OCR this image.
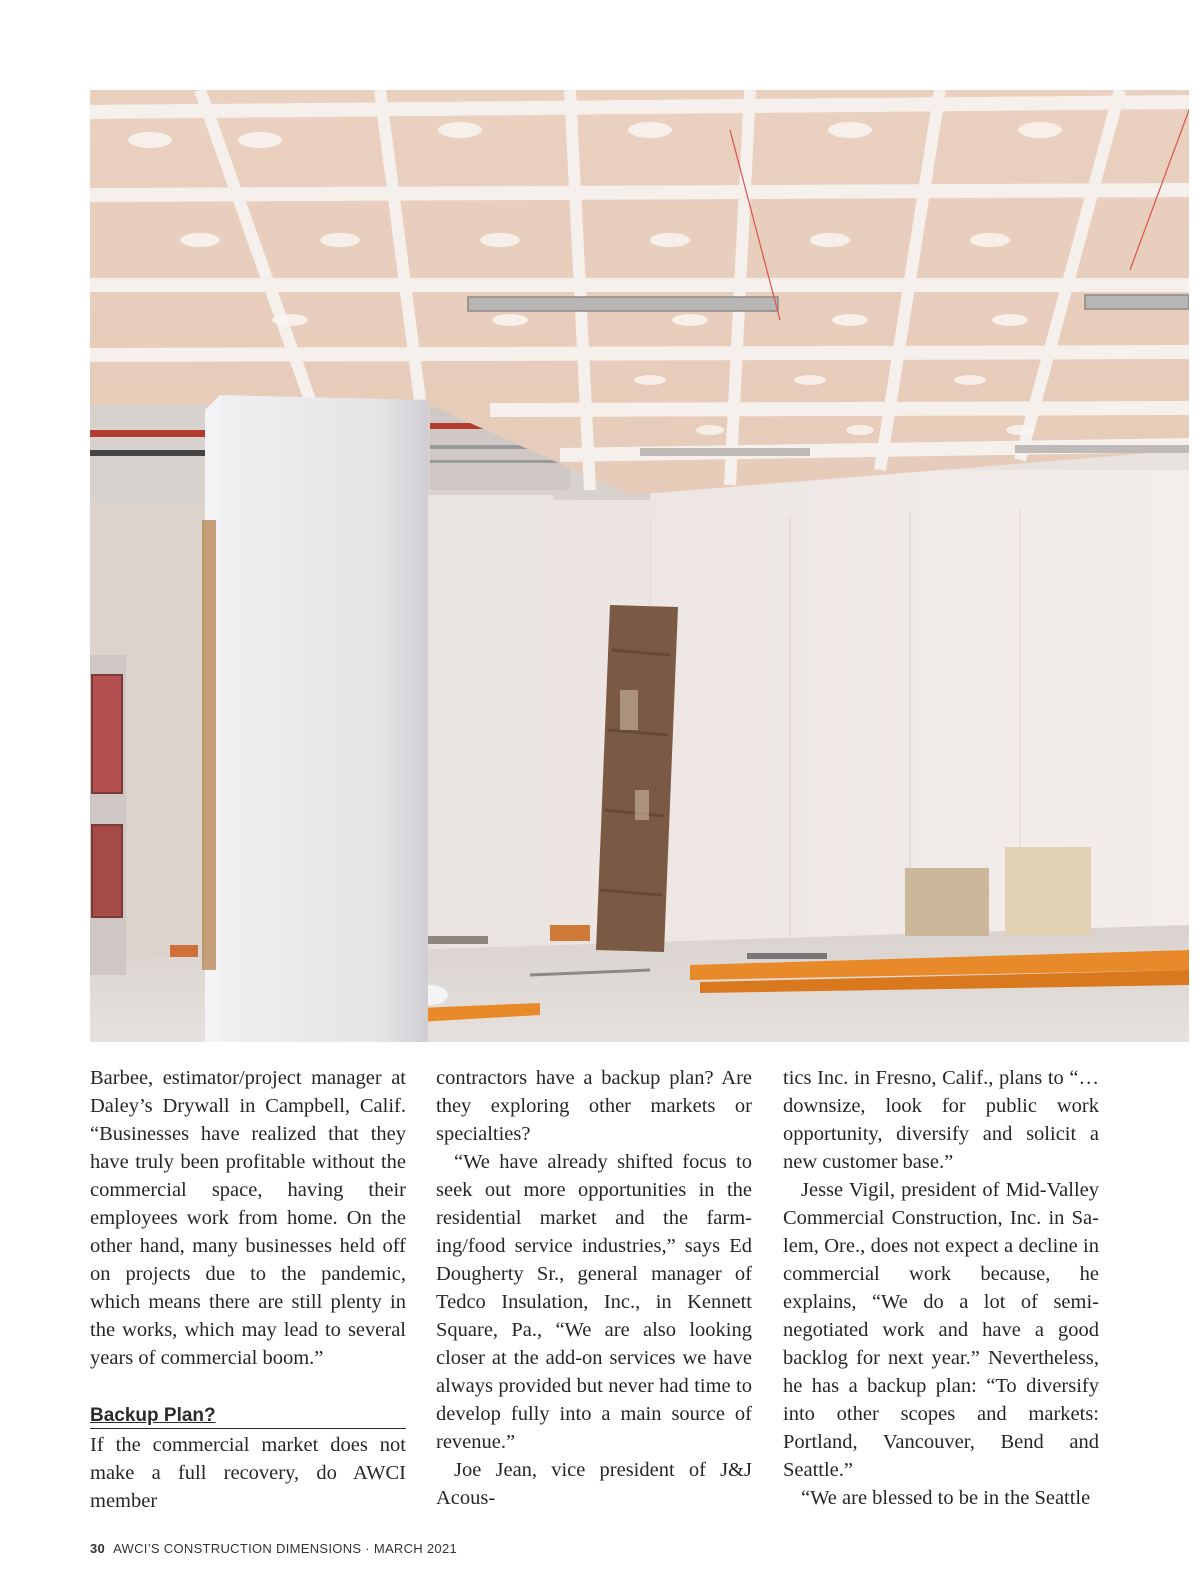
Barbee, estimator/project manager at Daley’s Drywall in Campbell, Calif. “Businesses have realized that they have truly been profitable without the commercial space, having their employees work from home. On the other hand, many businesses held off on projects due to the pandemic, which means there are still plenty in the works, which may lead to several years of commercial boom.”

Backup Plan?

If the commercial market does not make a full recovery, do AWCI member

contractors have a backup plan? Are they exploring other markets or specialties?

“We have already shifted focus to seek out more opportunities in the residential market and the farming/food service industries,” says Ed Dougherty Sr., general manager of Tedco Insulation, Inc., in Kennett Square, Pa., “We are also looking closer at the add-on services we have always provided but never had time to develop fully into a main source of revenue.”

Joe Jean, vice president of J&J Acous-

tics Inc. in Fresno, Calif., plans to “… downsize, look for public work opportunity, diversify and solicit a new customer base.”

Jesse Vigil, president of Mid-Valley Commercial Construction, Inc. in Salem, Ore., does not expect a decline in commercial work because, he explains, “We do a lot of semi-negotiated work and have a good backlog for next year.” Nevertheless, he has a backup plan: “To diversify into other scopes and markets: Portland, Vancouver, Bend and Seattle.”

“We are blessed to be in the Seattle

30 AWCI’S CONSTRUCTION DIMENSIONS · MARCH 2021
